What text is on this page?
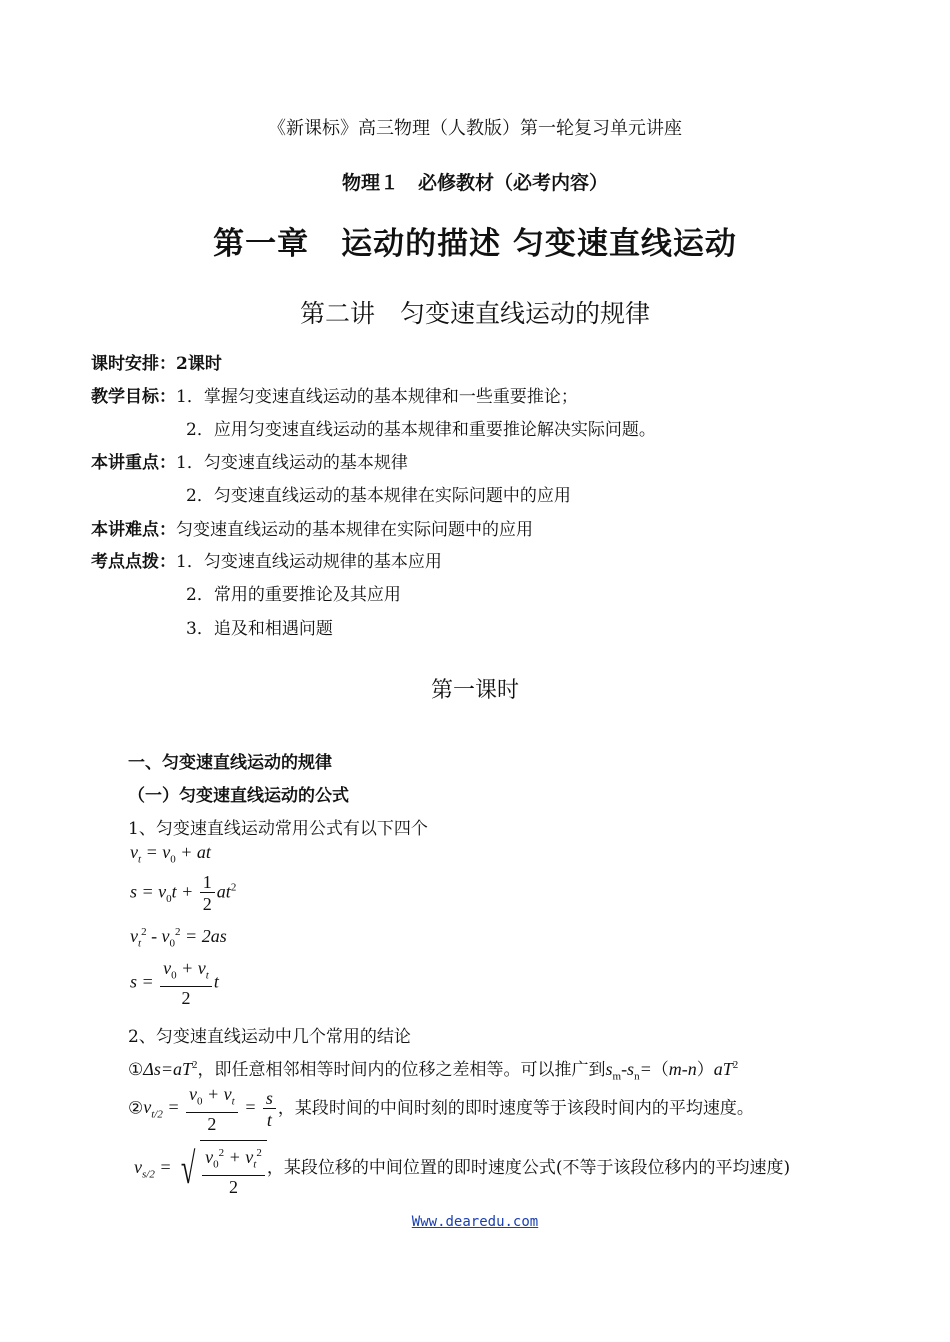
《新课标》高三物理（人教版）第一轮复习单元讲座
物理１　必修教材（必考内容）
第一章　运动的描述 匀变速直线运动
第二讲　匀变速直线运动的规律
课时安排：2课时
教学目标：1．掌握匀变速直线运动的基本规律和一些重要推论；
2．应用匀变速直线运动的基本规律和重要推论解决实际问题。
本讲重点：1．匀变速直线运动的基本规律
2．匀变速直线运动的基本规律在实际问题中的应用
本讲难点：匀变速直线运动的基本规律在实际问题中的应用
考点点拨：1．匀变速直线运动规律的基本应用
2．常用的重要推论及其应用
3．追及和相遇问题
第一课时
一、匀变速直线运动的规律
（一）匀变速直线运动的公式
1、匀变速直线运动常用公式有以下四个
$v_t = v_0$ + at
$s = v_0t + \frac{1}{2} at^2$
$v_t^2 - v_0^2 = 2as$
$s = \frac{v_0 + v_t}{2}$ t
2、匀变速直线运动中几个常用的结论
$①\Delta s=aT^2$，即任意相邻相等时间内的位移之差相等。可以推广到$s_m-s_n=(m-n)aT^2$
$②v_{t/2} = \frac{v_0 + v_t}{2} = \frac{s}{t}$ ，某段时间的中间时刻的即时速度等于该段时间内的平均速度。
$v_{s/2}$ = √ $\frac{v_0^2 + v_t^2}{2}$ ，某段位移的中间位置的即时速度公式(不等于该段位移内的平均速度)
Www.dearedu.com
